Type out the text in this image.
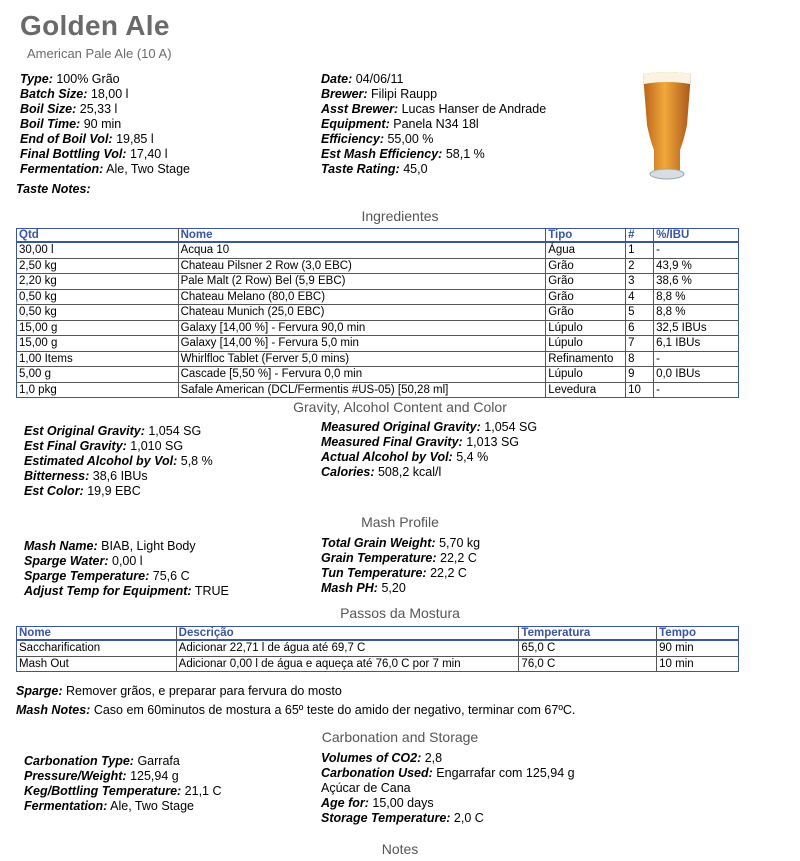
Golden Ale
American Pale Ale (10 A)
Type: 100% Grão
Batch Size: 18,00 l
Boil Size: 25,33 l
Boil Time: 90 min
End of Boil Vol: 19,85 l
Final Bottling Vol: 17,40 l
Fermentation: Ale, Two Stage
Taste Notes:
Date: 04/06/11
Brewer: Filipi Raupp
Asst Brewer: Lucas Hanser de Andrade
Equipment: Panela N34 18l
Efficiency: 55,00 %
Est Mash Efficiency: 58,1 %
Taste Rating: 45,0
Ingredientes
Qtd	Nome	Tipo	#	%/IBU
30,00 l	Acqua 10	Água	1	-
2,50 kg	Chateau Pilsner 2 Row (3,0 EBC)	Grão	2	43,9 %
2,20 kg	Pale Malt (2 Row) Bel (5,9 EBC)	Grão	3	38,6 %
0,50 kg	Chateau Melano (80,0 EBC)	Grão	4	8,8 %
0,50 kg	Chateau Munich (25,0 EBC)	Grão	5	8,8 %
15,00 g	Galaxy [14,00 %] - Fervura 90,0 min	Lúpulo	6	32,5 IBUs
15,00 g	Galaxy [14,00 %] - Fervura 5,0 min	Lúpulo	7	6,1 IBUs
1,00 Items	Whirlfloc Tablet (Ferver 5,0 mins)	Refinamento	8	-
5,00 g	Cascade [5,50 %] - Fervura 0,0 min	Lúpulo	9	0,0 IBUs
1,0 pkg	Safale American (DCL/Fermentis #US-05) [50,28 ml]	Levedura	10	-
Gravity, Alcohol Content and Color
Est Original Gravity: 1,054 SG
Est Final Gravity: 1,010 SG
Estimated Alcohol by Vol: 5,8 %
Bitterness: 38,6 IBUs
Est Color: 19,9 EBC
Measured Original Gravity: 1,054 SG
Measured Final Gravity: 1,013 SG
Actual Alcohol by Vol: 5,4 %
Calories: 508,2 kcal/l
Mash Profile
Mash Name: BIAB, Light Body
Sparge Water: 0,00 l
Sparge Temperature: 75,6 C
Adjust Temp for Equipment: TRUE
Total Grain Weight: 5,70 kg
Grain Temperature: 22,2 C
Tun Temperature: 22,2 C
Mash PH: 5,20
Passos da Mostura
Nome	Descrição	Temperatura	Tempo
Saccharification	Adicionar 22,71 l de água até 69,7 C	65,0 C	90 min
Mash Out	Adicionar 0,00 l de água e aqueça até 76,0 C por 7 min	76,0 C	10 min
Sparge: Remover grãos, e preparar para fervura do mosto
Mash Notes: Caso em 60minutos de mostura a 65º teste do amido der negativo, terminar com 67ºC.
Carbonation and Storage
Carbonation Type: Garrafa
Pressure/Weight: 125,94 g
Keg/Bottling Temperature: 21,1 C
Fermentation: Ale, Two Stage
Volumes of CO2: 2,8
Carbonation Used: Engarrafar com 125,94 g
Açúcar de Cana
Age for: 15,00 days
Storage Temperature: 2,0 C
Notes
